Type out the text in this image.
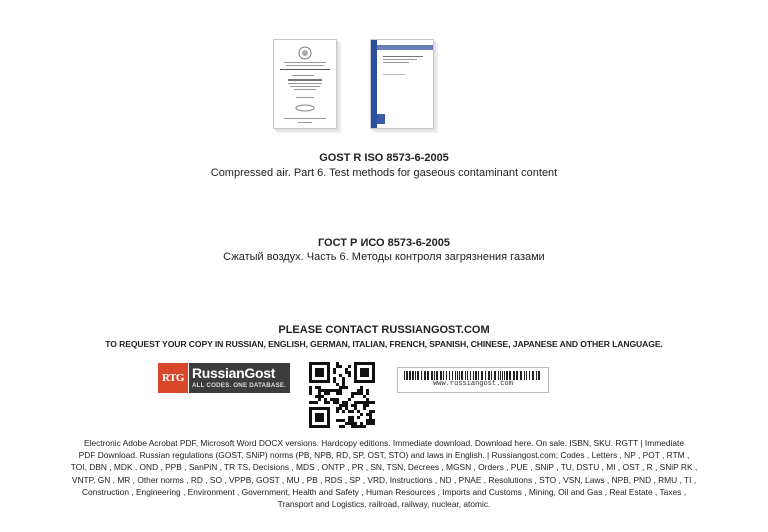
GOST R ISO 8573-6-2005
Compressed air. Part 6. Test methods for gaseous contaminant content
ГОСТ Р ИСО 8573-6-2005
Сжатый воздух. Часть 6. Методы контроля загрязнения газами
PLEASE CONTACT RUSSIANGOST.COM
TO REQUEST YOUR COPY IN RUSSIAN, ENGLISH, GERMAN, ITALIAN, FRENCH, SPANISH, CHINESE, JAPANESE AND OTHER LANGUAGE.
RTG RussianGost
ALL CODES. ONE DATABASE.	www.russiangost.com
Electronic Adobe Acrobat PDF, Microsoft Word DOCX versions. Hardcopy editions. Immediate download. Download here. On sale. ISBN, SKU. RGTT | Immediate
PDF Download. Russian regulations (GOST, SNiP) norms (PB, NPB, RD, SP, OST, STO) and laws in English. | Russiangost.com; Codes , Letters , NP , POT , RTM ,
TOI, DBN , MDK , OND , PPB , SanPiN , TR TS, Decisions , MDS , ONTP , PR , SN, TSN, Decrees , MGSN , Orders , PUE , SNiP , TU, DSTU , MI , OST , R , SNiP RK ,
VNTP, GN , MR , Other norms , RD , SO , VPPB, GOST , MU , PB , RDS , SP , VRD, Instructions , ND , PNAE , Resolutions , STO , VSN, Laws , NPB, PND , RMU , TI ,
Construction , Engineering , Environment , Government, Health and Safety , Human Resources , Imports and Customs , Mining, Oil and Gas , Real Estate , Taxes ,
Transport and Logistics, railroad, railway, nuclear, atomic.
